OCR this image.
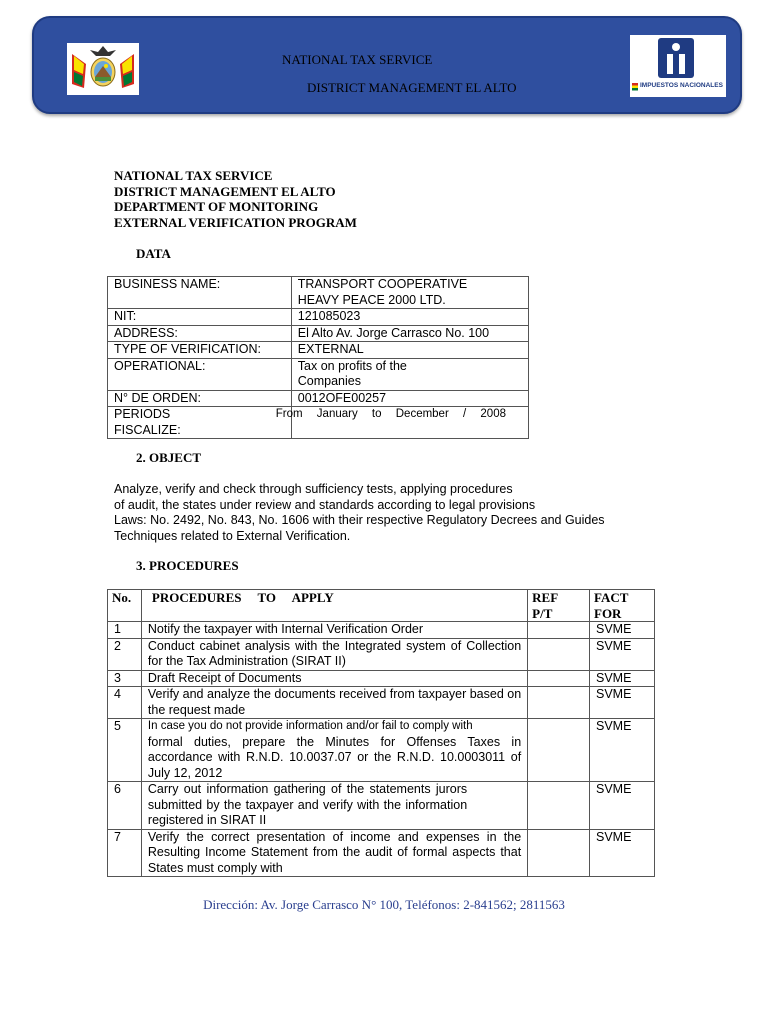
NATIONAL TAX SERVICE
DISTRICT MANAGEMENT EL ALTO	IMPUESTOS NACIONALES
NATIONAL TAX SERVICE
DISTRICT MANAGEMENT EL ALTO
DEPARTMENT OF MONITORING
EXTERNAL VERIFICATION PROGRAM
DATA
BUSINESS NAME:	TRANSPORT COOPERATIVE HEAVY PEACE 2000 LTD.
NIT:	121085023
ADDRESS:	El Alto Av. Jorge Carrasco No. 100
TYPE OF VERIFICATION:	EXTERNAL
OPERATIONAL:	Tax on profits of the Companies
N° DE ORDEN:	0012OFE00257
PERIODS FISCALIZE:	From January to December / 2008
2. OBJECT
Analyze, verify and check through sufficiency tests, applying procedures
of audit, the states under review and standards according to legal provisions
Laws: No. 2492, No. 843, No. 1606 with their respective Regulatory Decrees and Guides
Techniques related to External Verification.
3. PROCEDURES
No.	PROCEDURES     TO     APPLY	REF P/T	FACT FOR
1	Notify the taxpayer with Internal Verification Order		SVME
2	Conduct cabinet analysis with the Integrated system of Collection for the Tax Administration (SIRAT II)		SVME
3	Draft Receipt of Documents		SVME
4	Verify and analyze the documents received from taxpayer based on the request made		SVME
5	In case you do not provide information and/or fail to comply with
formal duties, prepare the Minutes for Offenses Taxes in accordance with R.N.D. 10.0037.07 or the R.N.D. 10.0003011 of July 12, 2012		SVME
6	Carry out information gathering of the statements jurors submitted by the taxpayer and verify with the information registered in SIRAT II		SVME
7	Verify the correct presentation of income and expenses in the Resulting Income Statement from the audit of formal aspects that States must comply with		SVME
Dirección: Av. Jorge Carrasco N° 100, Teléfonos: 2-841562; 2811563
